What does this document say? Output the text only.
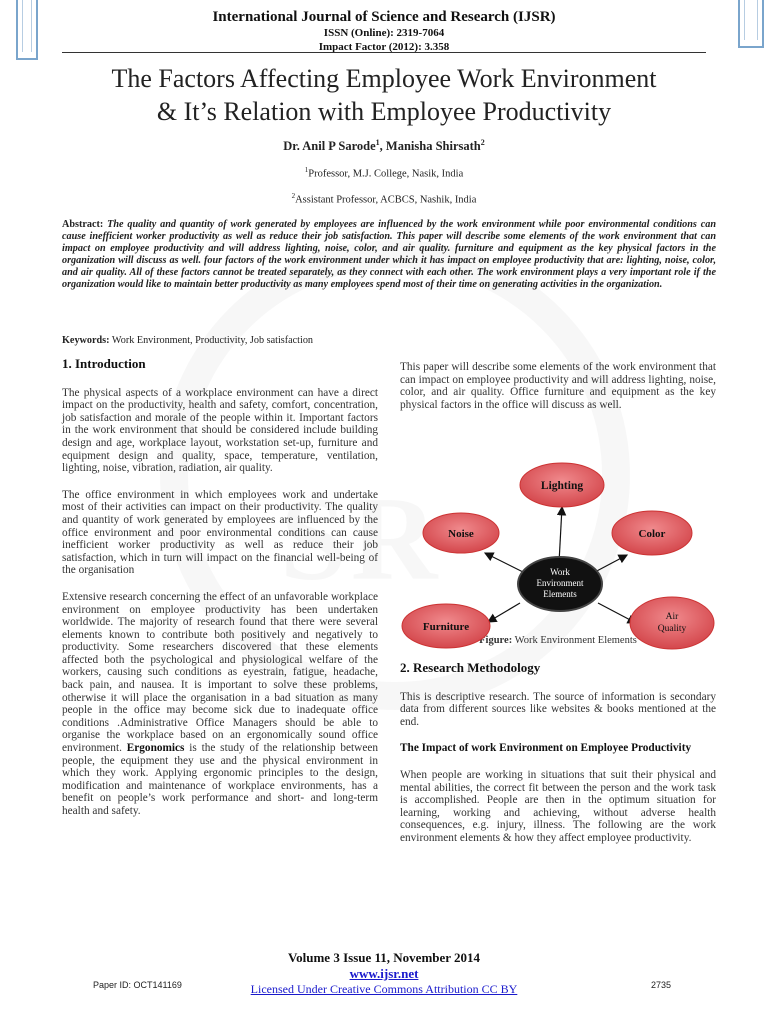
International Journal of Science and Research (IJSR)
ISSN (Online): 2319-7064
Impact Factor (2012): 3.358
The Factors Affecting Employee Work Environment
& It’s Relation with Employee Productivity
Dr. Anil P Sarode$^1$, Manisha Shirsath$^2$
$^1$Professor, M.J. College, Nasik, India
$^2$Assistant Professor, ACBCS, Nashik, India
Abstract: The quality and quantity of work generated by employees are influenced by the work environment while poor environmental conditions can cause inefficient worker productivity as well as reduce their job satisfaction. This paper will describe some elements of the work environment that can impact on employee productivity and will address lighting, noise, color, and air quality. furniture and equipment as the key physical factors in the organization will discuss as well. four factors of the work environment under which it has impact on employee productivity that are: lighting, noise, color, and air quality. All of these factors cannot be treated separately, as they connect with each other. The work environment plays a very important role if the organization would like to maintain better productivity as many employees spend most of their time on generating activities in the organization.
Keywords: Work Environment, Productivity, Job satisfaction
1. Introduction

The physical aspects of a workplace environment can have a direct impact on the productivity, health and safety, comfort, concentration, job satisfaction and morale of the people within it. Important factors in the work environment that should be considered include building design and age, workplace layout, workstation set-up, furniture and equipment design and quality, space, temperature, ventilation, lighting, noise, vibration, radiation, air quality.

The office environment in which employees work and undertake most of their activities can impact on their productivity. The quality and quantity of work generated by employees are influenced by the office environment and poor environmental conditions can cause inefficient worker productivity as well as reduce their job satisfaction, which in turn will impact on the financial well-being of the organisation

Extensive research concerning the effect of an unfavorable workplace environment on employee productivity has been undertaken worldwide. The majority of research found that there were several elements known to contribute both positively and negatively to productivity. Some researchers discovered that these elements affected both the psychological and physiological welfare of the workers, causing such conditions as eyestrain, fatigue, headache, back pain, and nausea. It is important to solve these problems, otherwise it will place the organisation in a bad situation as many people in the office may become sick due to inadequate office conditions .Administrative Office Managers should be able to organise the workplace based on an ergonomically sound office environment. Ergonomics is the study of the relationship between people, the equipment they use and the physical environment in which they work. Applying ergonomic principles to the design, modification and maintenance of workplace environments, has a benefit on people’s work performance and short- and long-term health and safety.

This paper will describe some elements of the work environment that can impact on employee productivity and will address lighting, noise, color, and air quality. Office furniture and equipment as the key physical factors in the office will discuss as well.

Lighting
Noise	Color
Work
Environment
Elements
Furniture
Air
Quality
Figure: Work Environment Elements
2. Research Methodology

This is descriptive research. The source of information is secondary data from different sources like websites & books mentioned at the end.

The Impact of work Environment on Employee Productivity

When people are working in situations that suit their physical and mental abilities, the correct fit between the person and the work task is accomplished. People are then in the optimum situation for learning, working and achieving, without adverse health consequences, e.g. injury, illness. The following are the work environment elements & how they affect employee productivity.

Volume 3 Issue 11, November 2014
www.ijsr.net
Licensed Under Creative Commons Attribution CC BY
Paper ID: OCT141169	2735
